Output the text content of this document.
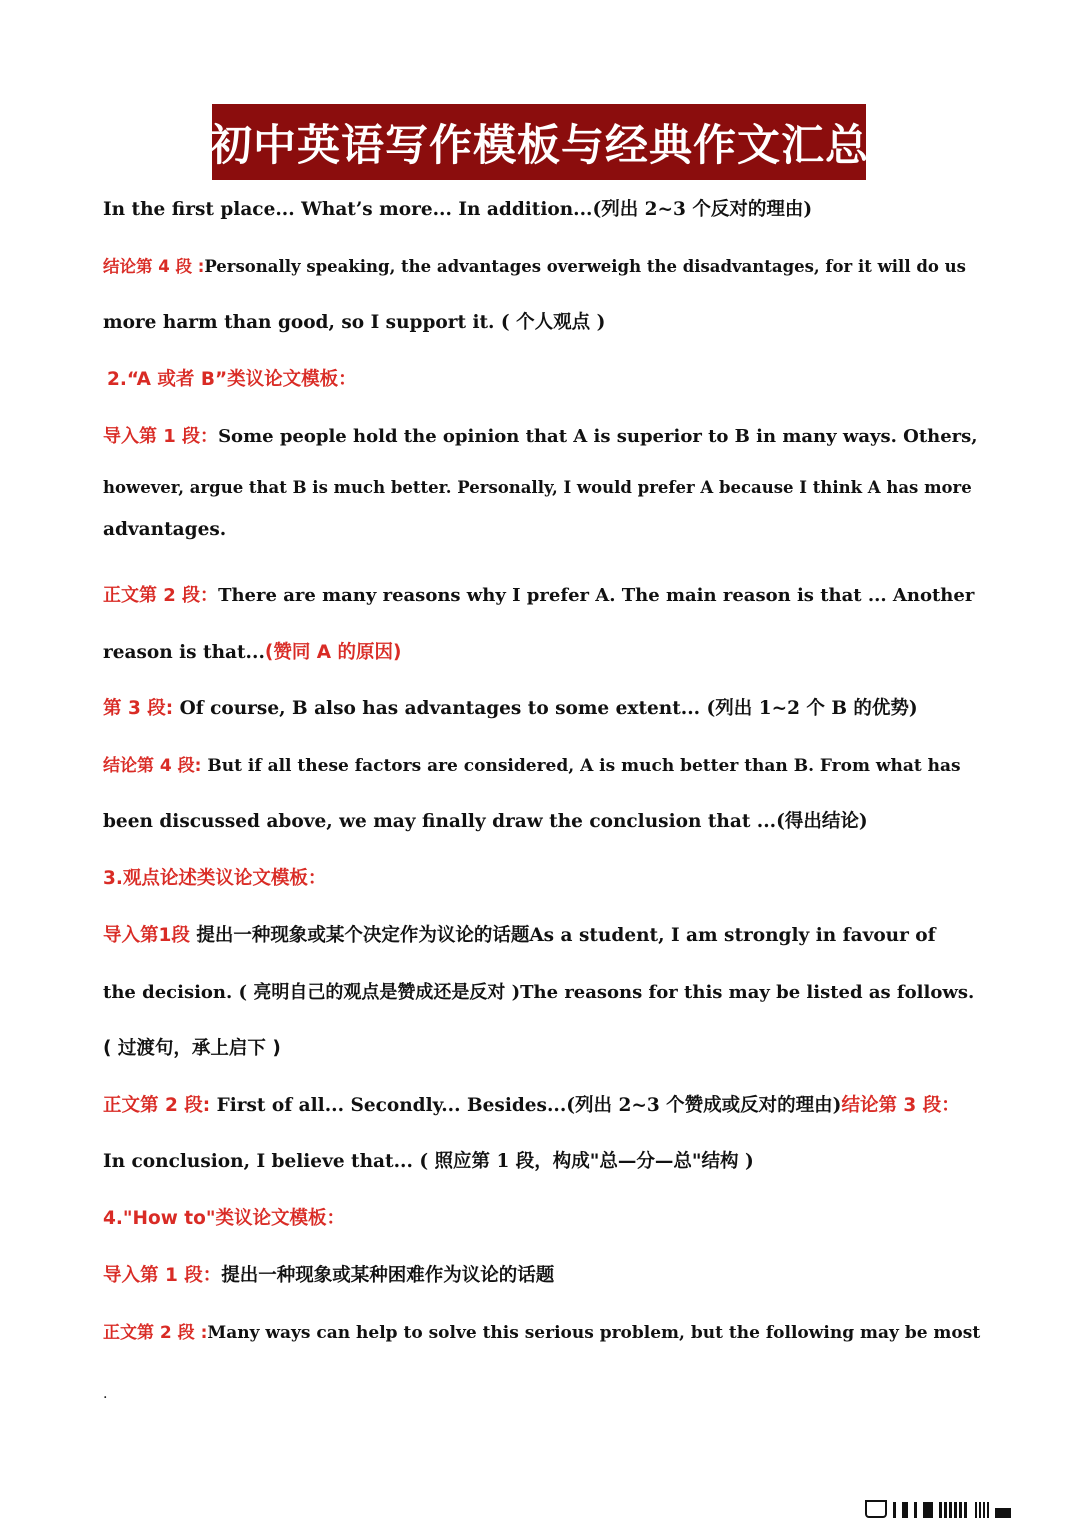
初中英语写作模板与经典作文汇总
In the first place... What’s more... In addition...(列出 2~3 个反对的理由)
结论第 4 段 :Personally speaking, the advantages overweigh the disadvantages, for it will do us
more harm than good, so I support it. ( 个人观点 )
2.“A 或者 B”类议论文模板：
导入第 1 段：Some people hold the opinion that A is superior to B in many ways. Others,
however, argue that B is much better. Personally, I would prefer A because I think A has more
advantages.
正文第 2 段：There are many reasons why I prefer A. The main reason is that ... Another
reason is that...(赞同 A 的原因)
第 3 段: Of course, B also has advantages to some extent... (列出 1~2 个 B 的优势)
结论第 4 段: But if all these factors are considered, A is much better than B. From what has
been discussed above, we may finally draw the conclusion that ...(得出结论)
3.观点论述类议论文模板：
导入第1段 提出一种现象或某个决定作为议论的话题As a student, I am strongly in favour of
the decision. ( 亮明自己的观点是赞成还是反对 )The reasons for this may be listed as follows.
( 过渡句，承上启下 )
正文第 2 段: First of all... Secondly... Besides...(列出 2~3 个赞成或反对的理由)结论第 3 段：
In conclusion, I believe that... ( 照应第 1 段，构成"总—分—总"结构 )
4."How to"类议论文模板：
导入第 1 段：提出一种现象或某种困难作为议论的话题
正文第 2 段 :Many ways can help to solve this serious problem, but the following may be most
.
